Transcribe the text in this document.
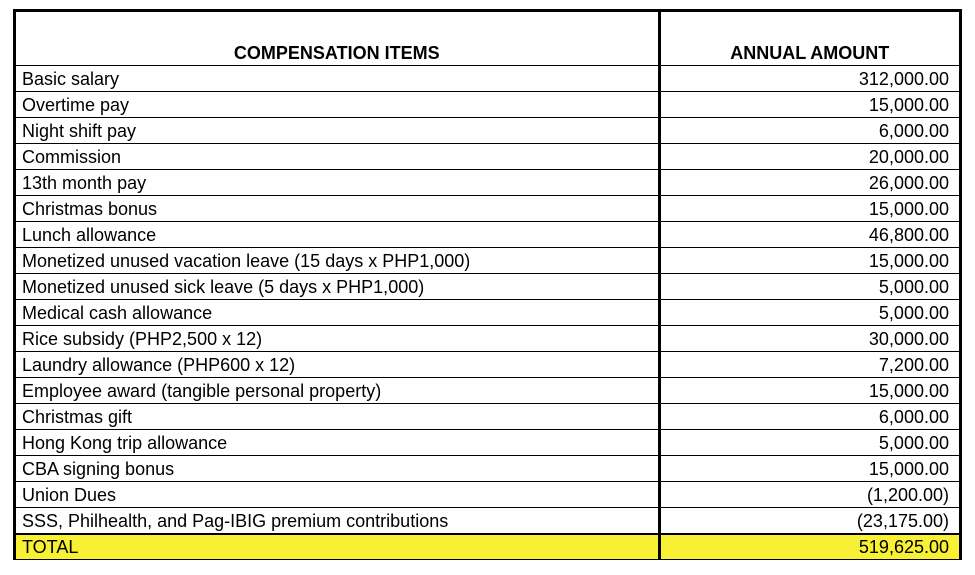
COMPENSATION ITEMS	ANNUAL AMOUNT
Basic salary	312,000.00
Overtime pay	15,000.00
Night shift pay	6,000.00
Commission	20,000.00
13th month pay	26,000.00
Christmas bonus	15,000.00
Lunch allowance	46,800.00
Monetized unused vacation leave (15 days x PHP1,000)	15,000.00
Monetized unused sick leave (5 days x PHP1,000)	5,000.00
Medical cash allowance	5,000.00
Rice subsidy (PHP2,500 x 12)	30,000.00
Laundry allowance (PHP600 x 12)	7,200.00
Employee award (tangible personal property)	15,000.00
Christmas gift	6,000.00
Hong Kong trip allowance	5,000.00
CBA signing bonus	15,000.00
Union Dues	(1,200.00)
SSS, Philhealth, and Pag-IBIG premium contributions	(23,175.00)
TOTAL	519,625.00
